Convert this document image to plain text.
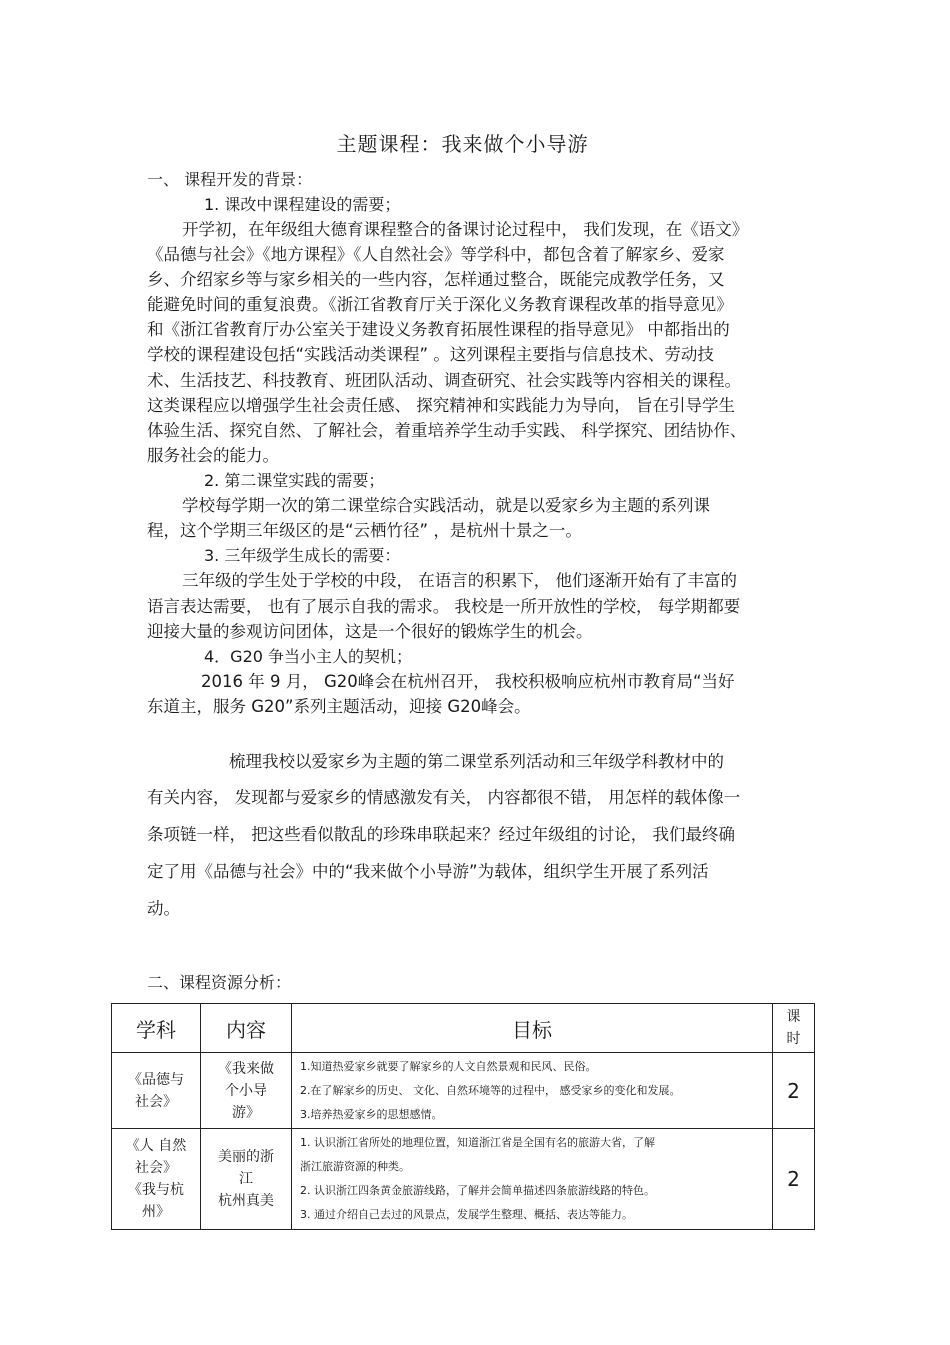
主题课程：我来做个小导游
一、 课程开发的背景：
1. 课改中课程建设的需要；
开学初，在年级组大德育课程整合的备课讨论过程中， 我们发现，在《语文》
《品德与社会》《地方课程》《人自然社会》等学科中，都包含着了解家乡、爱家
乡、介绍家乡等与家乡相关的一些内容，怎样通过整合，既能完成教学任务，又
能避免时间的重复浪费。《浙江省教育厅关于深化义务教育课程改革的指导意见》
和《浙江省教育厅办公室关于建设义务教育拓展性课程的指导意见》 中都指出的
学校的课程建设包括“实践活动类课程” 。这列课程主要指与信息技术、劳动技
术、生活技艺、科技教育、班团队活动、调查研究、社会实践等内容相关的课程。
这类课程应以增强学生社会责任感、 探究精神和实践能力为导向， 旨在引导学生
体验生活、探究自然、了解社会，着重培养学生动手实践、 科学探究、团结协作、
服务社会的能力。
2. 第二课堂实践的需要；
学校每学期一次的第二课堂综合实践活动，就是以爱家乡为主题的系列课
程，这个学期三年级区的是“云栖竹径” ，是杭州十景之一。
3. 三年级学生成长的需要：
三年级的学生处于学校的中段， 在语言的积累下， 他们逐渐开始有了丰富的
语言表达需要， 也有了展示自我的需求。 我校是一所开放性的学校， 每学期都要
迎接大量的参观访问团体，这是一个很好的锻炼学生的机会。
4．G20 争当小主人的契机；
2016 年 9 月， G20峰会在杭州召开， 我校积极响应杭州市教育局“当好
东道主，服务 G20”系列主题活动，迎接 G20峰会。
梳理我校以爱家乡为主题的第二课堂系列活动和三年级学科教材中的
有关内容， 发现都与爱家乡的情感激发有关， 内容都很不错， 用怎样的载体像一
条项链一样， 把这些看似散乱的珍珠串联起来？经过年级组的讨论， 我们最终确
定了用《品德与社会》中的“我来做个小导游”为载体，组织学生开展了系列活
动。
二、课程资源分析：
学科	内容	目标	课
时

《品德与
社会》	《我来做
个小导
游》	1.知道热爱家乡就要了解家乡的人文自然景观和民风、民俗。
2.在了解家乡的历史、 文化、自然环境等的过程中， 感受家乡的变化和发展。
3.培养热爱家乡的思想感情。	2

《人 自然
社会》
《我与杭
州》	美丽的浙
江
杭州真美	1. 认识浙江省所处的地理位置，知道浙江省是全国有名的旅游大省，了解
浙江旅游资源的种类。
2. 认识浙江四条黄金旅游线路，了解并会简单描述四条旅游线路的特色。
3. 通过介绍自己去过的风景点，发展学生整理、概括、表达等能力。	2
